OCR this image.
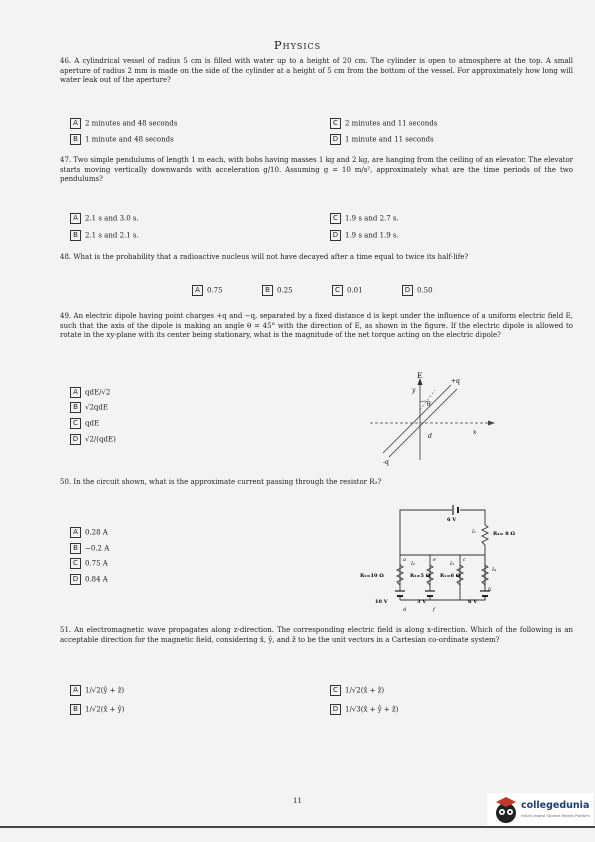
Physics
46. A cylindrical vessel of radius 5 cm is filled with water up to a height of 20 cm. The cylinder is open to atmosphere at the top. A small aperture of radius 2 mm is made on the side of the cylinder at a height of 5 cm from the bottom of the vessel. For approximately how long will water leak out of the aperture?
A 2 minutes and 48 seconds
B 1 minute and 48 seconds
C 2 minutes and 11 seconds
D 1 minute and 11 seconds
47. Two simple pendulums of length 1 m each, with bobs having masses 1 kg and 2 kg, are hanging from the ceiling of an elevator. The elevator starts moving vertically downwards with acceleration g/10. Assuming g = 10 m/s², approximately what are the time periods of the two pendulums?
A 2.1 s and 3.0 s.
B 2.1 s and 2.1 s.
C 1.9 s and 2.7 s.
D 1.9 s and 1.9 s.
48. What is the probability that a radioactive nucleus will not have decayed after a time equal to twice its half-life?
A 0.75	B 0.25	C 0.01	D 0.50
49. An electric dipole having point charges +q and −q, separated by a fixed distance d is kept under the influence of a uniform electric field E, such that the axis of the dipole is making an angle θ = 45° with the direction of E, as shown in the figure. If the electric dipole is allowed to rotate in the xy-plane with its center being stationary, what is the magnitude of the net torque acting on the electric dipole?
A qdE/√2
B √2qdE
C qdE
D √2/(qdE)
E
y
+q
θ
d
-q
x
50. In the circuit shown, what is the approximate current passing through the resistor R₃?
A 0.28 A
B −0.2 A
C 0.75 A
D 0.84 A
6 V
I₁	R₄= 8 Ω
R₂=10 Ω	R₃=5 Ω R₁=6 Ω
I₂	I₃
I₄
10 V	3 V	6 V
a
b
c
d
e
f
51. An electromagnetic wave propagates along z-direction. The corresponding electric field is along x-direction. Which of the following is an acceptable direction for the magnetic field, considering x̂, ŷ, and ẑ to be the unit vectors in a Cartesian co-ordinate system?
A 1/√2(ŷ + ẑ)
B 1/√2(x̂ + ŷ)
C 1/√2(x̂ + ẑ)
D 1/√3(x̂ + ŷ + ẑ)
11	collegedunia
India's largest Student Review Platform
